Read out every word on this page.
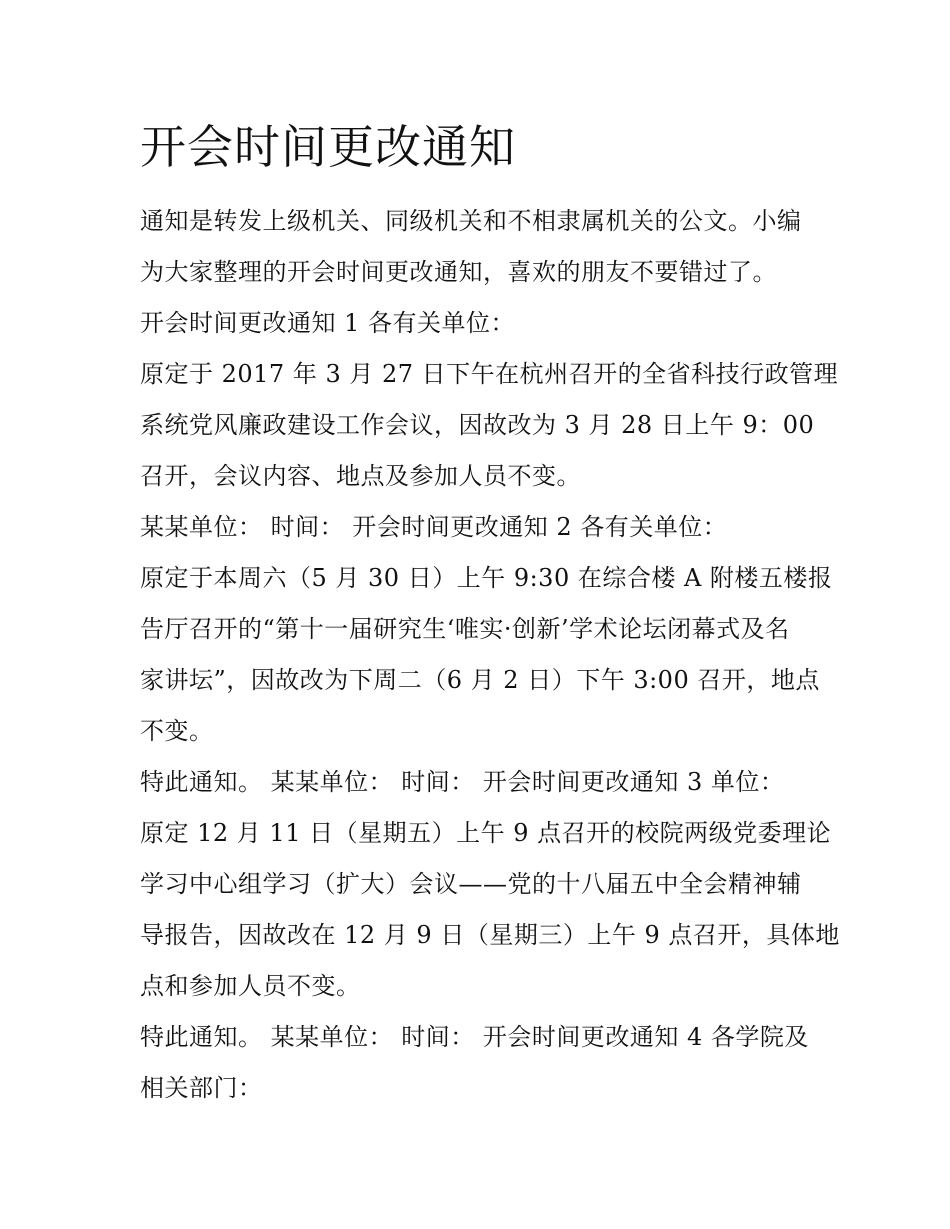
开会时间更改通知

通知是转发上级机关、同级机关和不相隶属机关的公文。小编

为大家整理的开会时间更改通知，喜欢的朋友不要错过了。

开会时间更改通知 1 各有关单位：

原定于 2017 年 3 月 27 日下午在杭州召开的全省科技行政管理

系统党风廉政建设工作会议，因故改为 3 月 28 日上午 9：00

召开，会议内容、地点及参加人员不变。

某某单位： 时间： 开会时间更改通知 2 各有关单位：

原定于本周六（5 月 30 日）上午 9:30 在综合楼 A 附楼五楼报

告厅召开的“第十一届研究生‘唯实·创新’学术论坛闭幕式及名

家讲坛”，因故改为下周二（6 月 2 日）下午 3:00 召开，地点

不变。

特此通知。 某某单位： 时间： 开会时间更改通知 3 单位：

原定 12 月 11 日（星期五）上午 9 点召开的校院两级党委理论

学习中心组学习（扩大）会议——党的十八届五中全会精神辅

导报告，因故改在 12 月 9 日（星期三）上午 9 点召开，具体地

点和参加人员不变。

特此通知。 某某单位： 时间： 开会时间更改通知 4 各学院及

相关部门：
